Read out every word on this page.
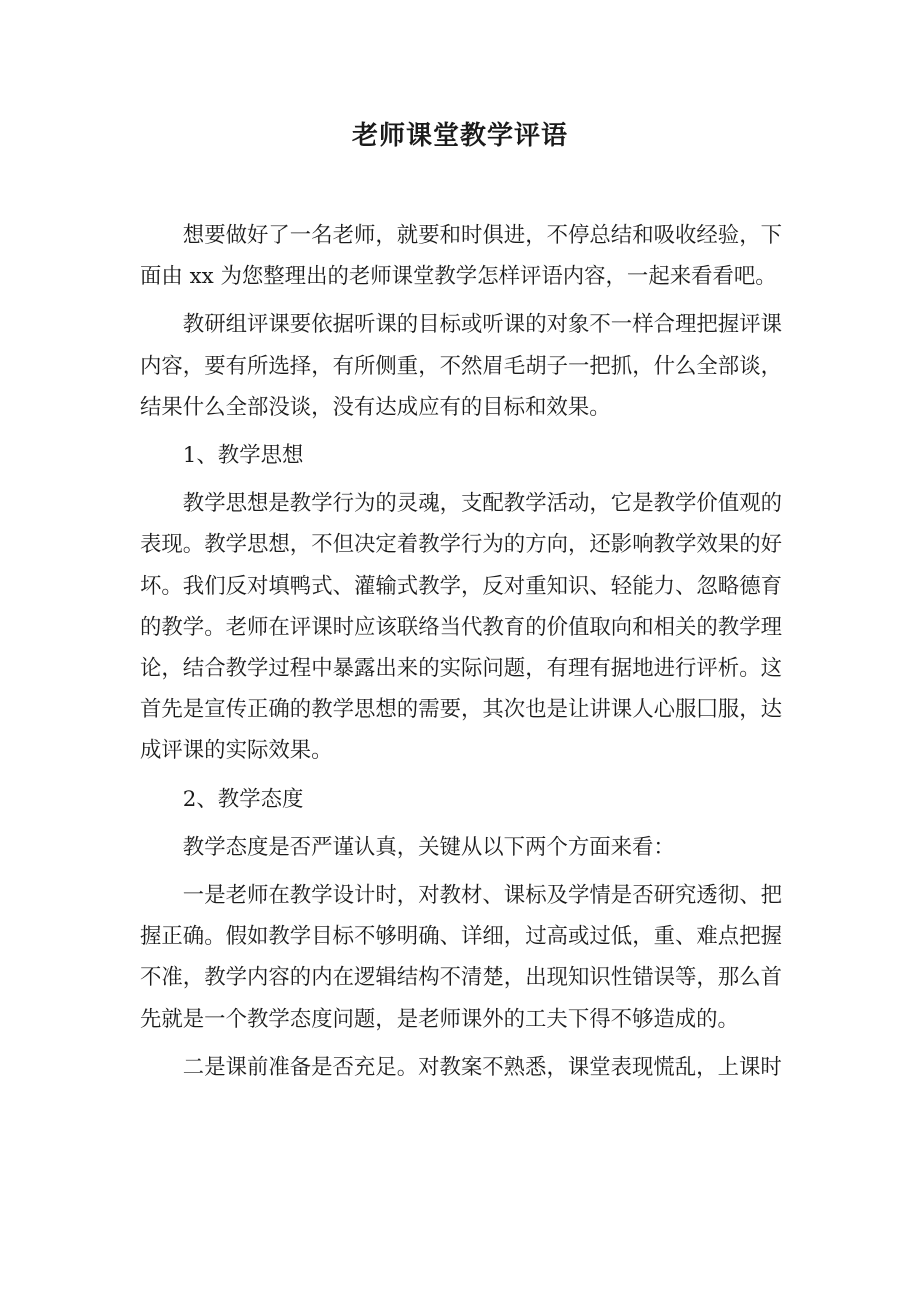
老师课堂教学评语

想要做好了一名老师，就要和时俱进，不停总结和吸收经验，下面由 xx 为您整理出的老师课堂教学怎样评语内容，一起来看看吧。

教研组评课要依据听课的目标或听课的对象不一样合理把握评课内容，要有所选择，有所侧重，不然眉毛胡子一把抓，什么全部谈，结果什么全部没谈，没有达成应有的目标和效果。

1、教学思想

教学思想是教学行为的灵魂，支配教学活动，它是教学价值观的表现。教学思想，不但决定着教学行为的方向，还影响教学效果的好坏。我们反对填鸭式、灌输式教学，反对重知识、轻能力、忽略德育的教学。老师在评课时应该联络当代教育的价值取向和相关的教学理论，结合教学过程中暴露出来的实际问题，有理有据地进行评析。这首先是宣传正确的教学思想的需要，其次也是让讲课人心服囗服，达成评课的实际效果。

2、教学态度

教学态度是否严谨认真，关键从以下两个方面来看：

一是老师在教学设计时，对教材、课标及学情是否研究透彻、把握正确。假如教学目标不够明确、详细，过高或过低，重、难点把握不准，教学内容的内在逻辑结构不清楚，出现知识性错误等，那么首先就是一个教学态度问题，是老师课外的工夫下得不够造成的。

二是课前准备是否充足。对教案不熟悉，课堂表现慌乱，上课时
